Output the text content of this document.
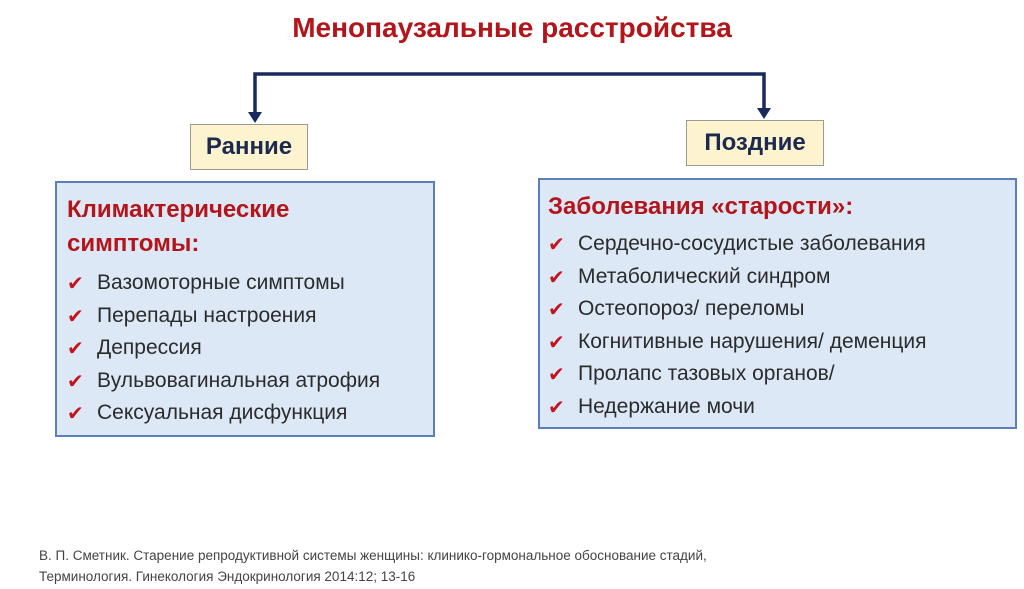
Менопаузальные расстройства
Ранние	Поздние
Климактерические
симптомы:
✔ Вазомоторные симптомы
✔ Перепады настроения
✔ Депрессия
✔ Вульвовагинальная атрофия
✔ Сексуальная дисфункция
Заболевания «старости»:
✔ Сердечно-сосудистые заболевания
✔ Метаболический синдром
✔ Остеопороз/ переломы
✔ Когнитивные нарушения/ деменция
✔ Пролапс тазовых органов/
✔ Недержание мочи
В. П. Сметник. Старение репродуктивной системы женщины: клинико-гормональное обоснование стадий,
Терминология. Гинекология Эндокринология 2014:12; 13-16
